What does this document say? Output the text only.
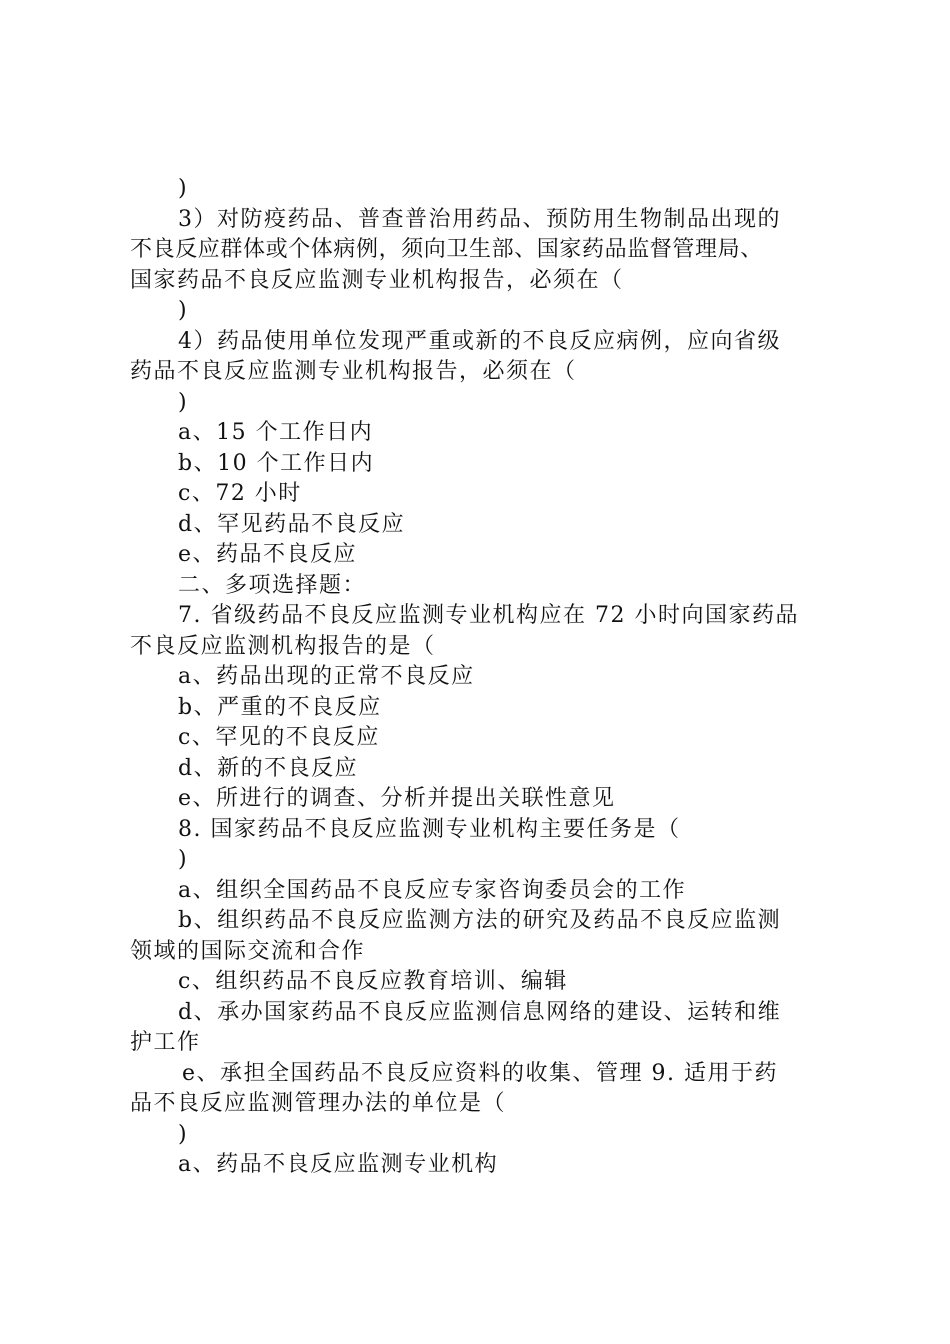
)
3）对防疫药品、普查普治用药品、预防用生物制品出现的
不良反应群体或个体病例，须向卫生部、国家药品监督管理局、
国家药品不良反应监测专业机构报告，必须在（
)
4）药品使用单位发现严重或新的不良反应病例，应向省级
药品不良反应监测专业机构报告，必须在（
)
a、15 个工作日内
b、10 个工作日内
c、72 小时
d、罕见药品不良反应
e、药品不良反应
二、多项选择题：
7. 省级药品不良反应监测专业机构应在 72 小时向国家药品
不良反应监测机构报告的是（
a、药品出现的正常不良反应
b、严重的不良反应
c、罕见的不良反应
d、新的不良反应
e、所进行的调查、分析并提出关联性意见
8. 国家药品不良反应监测专业机构主要任务是（
)
a、组织全国药品不良反应专家咨询委员会的工作
b、组织药品不良反应监测方法的研究及药品不良反应监测
领域的国际交流和合作
c、组织药品不良反应教育培训、编辑
d、承办国家药品不良反应监测信息网络的建设、运转和维
护工作
e、承担全国药品不良反应资料的收集、管理 9. 适用于药
品不良反应监测管理办法的单位是（
)
a、药品不良反应监测专业机构
